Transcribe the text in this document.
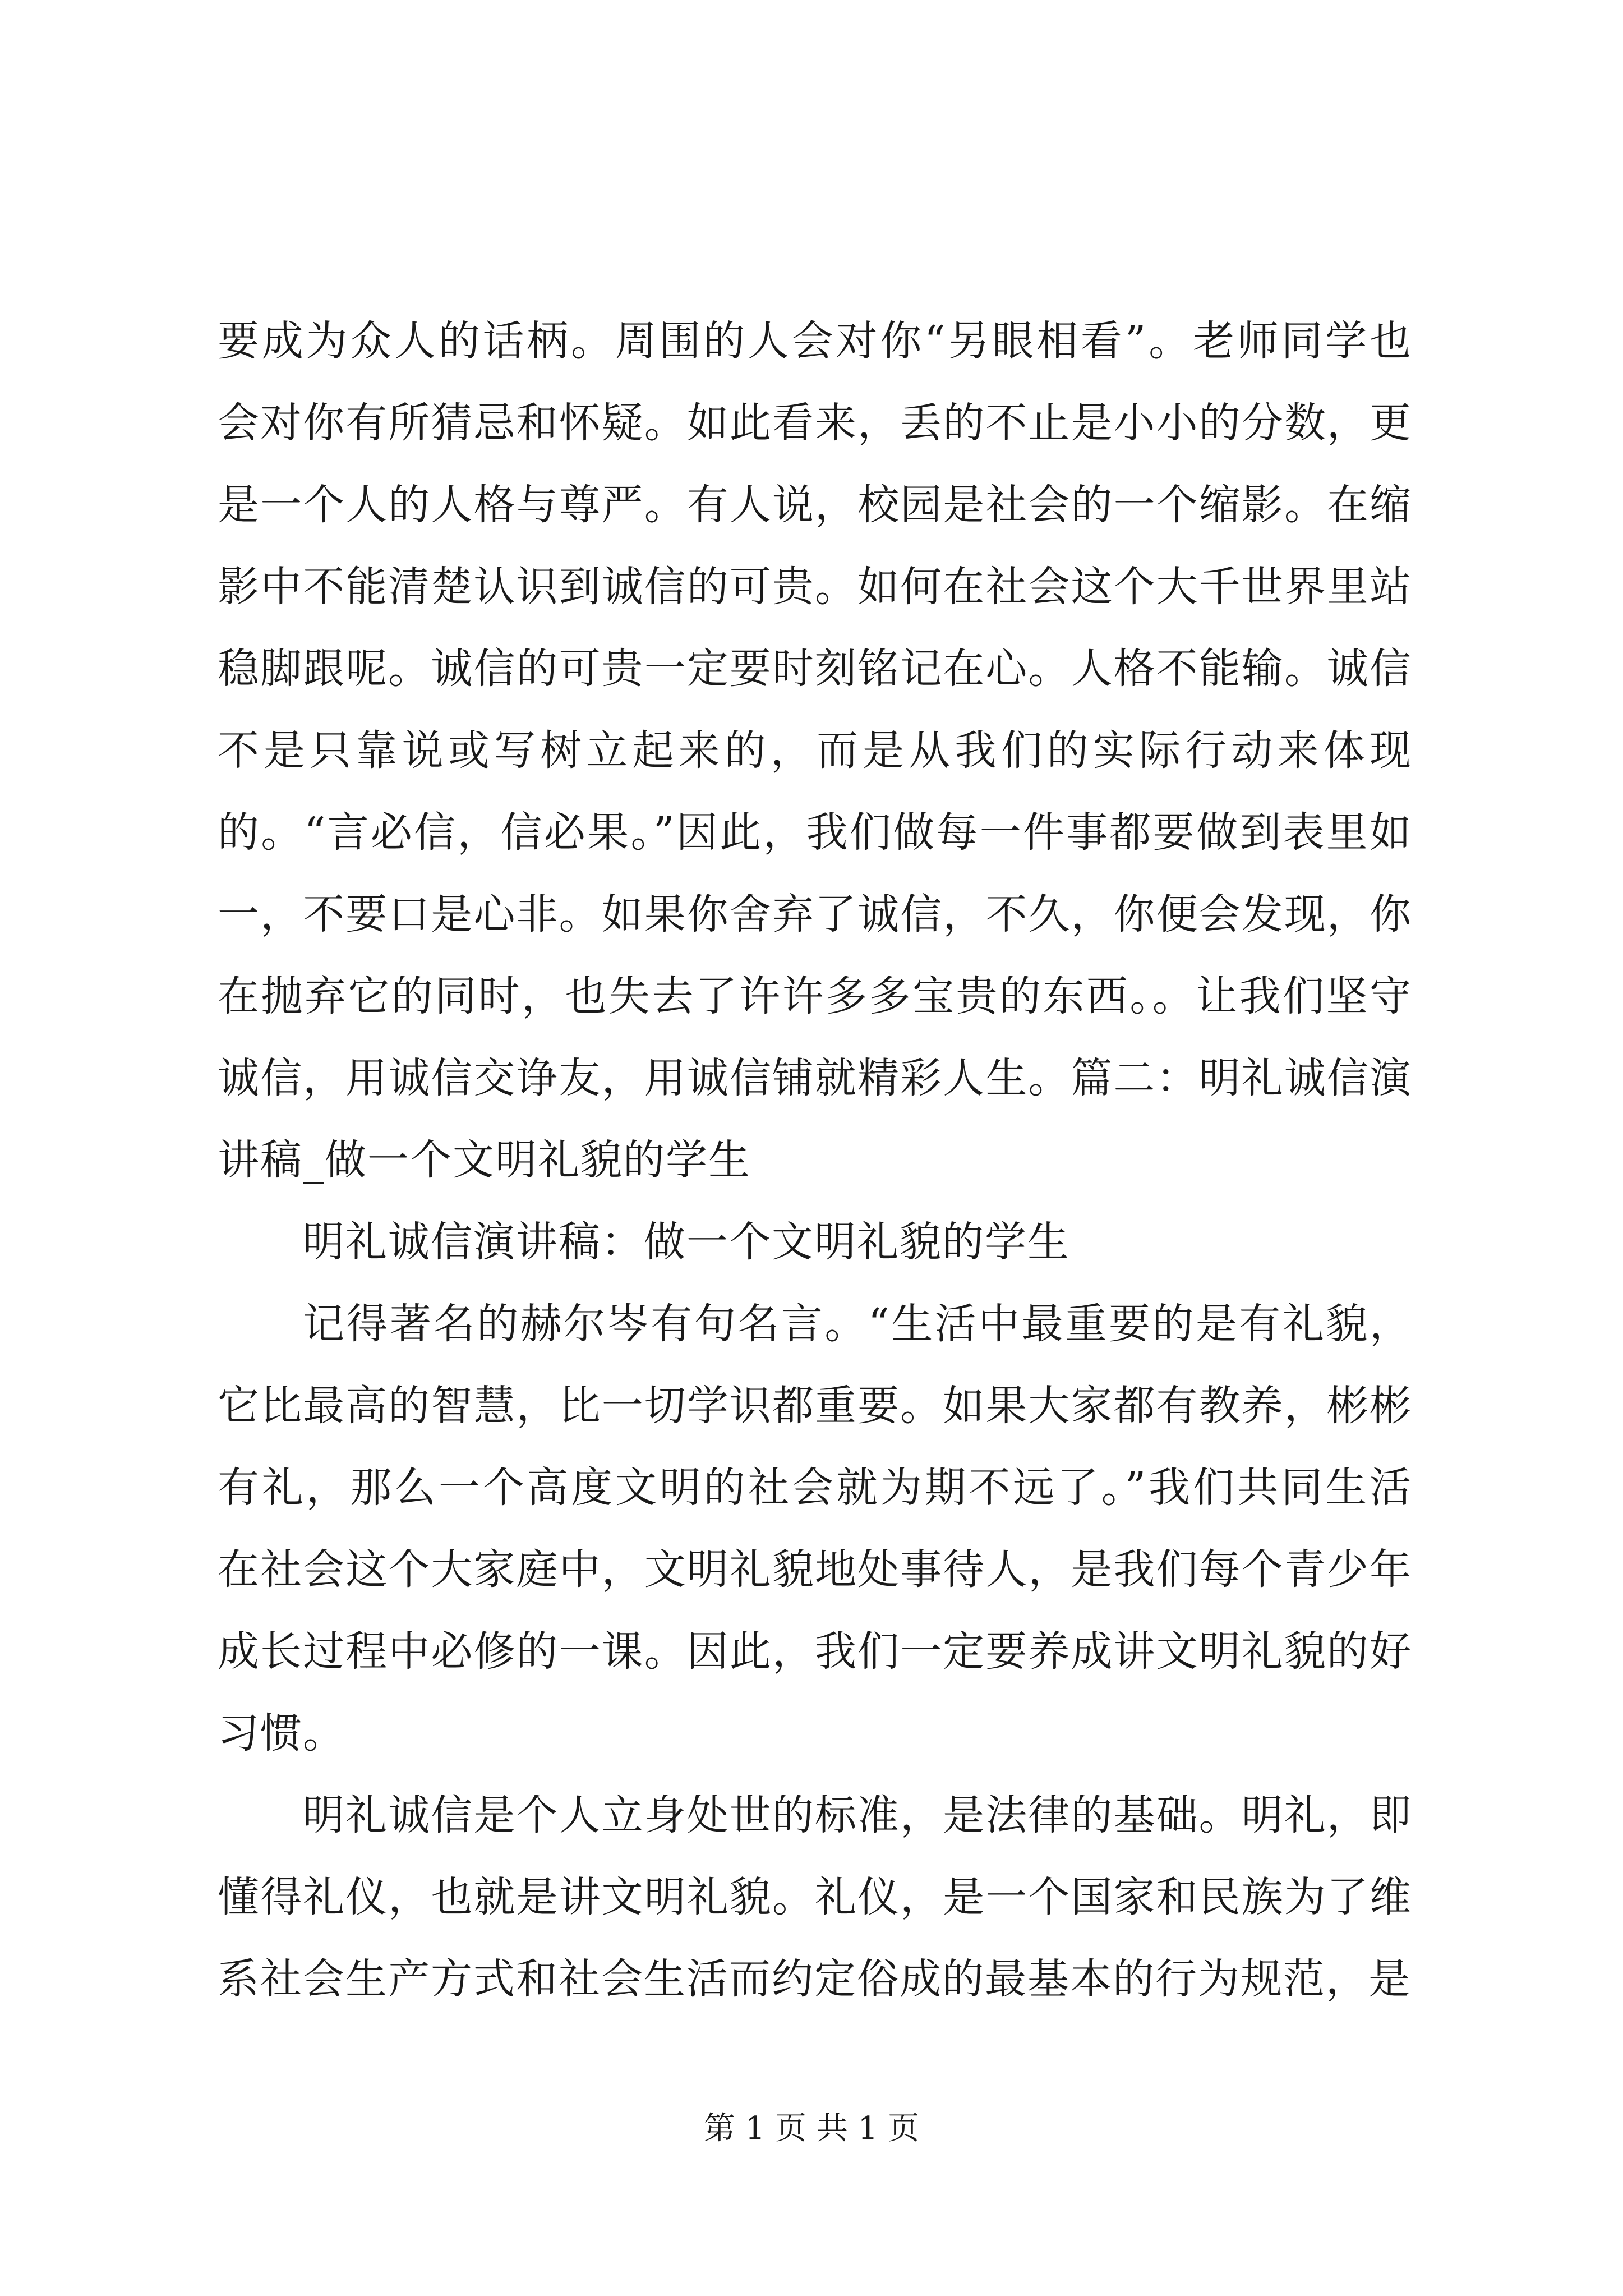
要成为众人的话柄。周围的人会对你“另眼相看”。老师同学也会对你有所猜忌和怀疑。如此看来，丢的不止是小小的分数，更是一个人的人格与尊严。有人说，校园是社会的一个缩影。在缩影中不能清楚认识到诚信的可贵。如何在社会这个大千世界里站稳脚跟呢。诚信的可贵一定要时刻铭记在心。人格不能输。诚信不是只靠说或写树立起来的，而是从我们的实际行动来体现的。“言必信，信必果。”因此，我们做每一件事都要做到表里如一，不要口是心非。如果你舍弃了诚信，不久，你便会发现，你在抛弃它的同时，也失去了许许多多宝贵的东西。。让我们坚守诚信，用诚信交诤友，用诚信铺就精彩人生。篇二：明礼诚信演讲稿_做一个文明礼貌的学生

明礼诚信演讲稿：做一个文明礼貌的学生

记得著名的赫尔岑有句名言。“生活中最重要的是有礼貌，它比最高的智慧，比一切学识都重要。如果大家都有教养，彬彬有礼，那么一个高度文明的社会就为期不远了。”我们共同生活在社会这个大家庭中，文明礼貌地处事待人，是我们每个青少年成长过程中必修的一课。因此，我们一定要养成讲文明礼貌的好习惯。

明礼诚信是个人立身处世的标准，是法律的基础。明礼，即懂得礼仪，也就是讲文明礼貌。礼仪，是一个国家和民族为了维系社会生产方式和社会生活而约定俗成的最基本的行为规范，是

第 1 页 共 1 页
